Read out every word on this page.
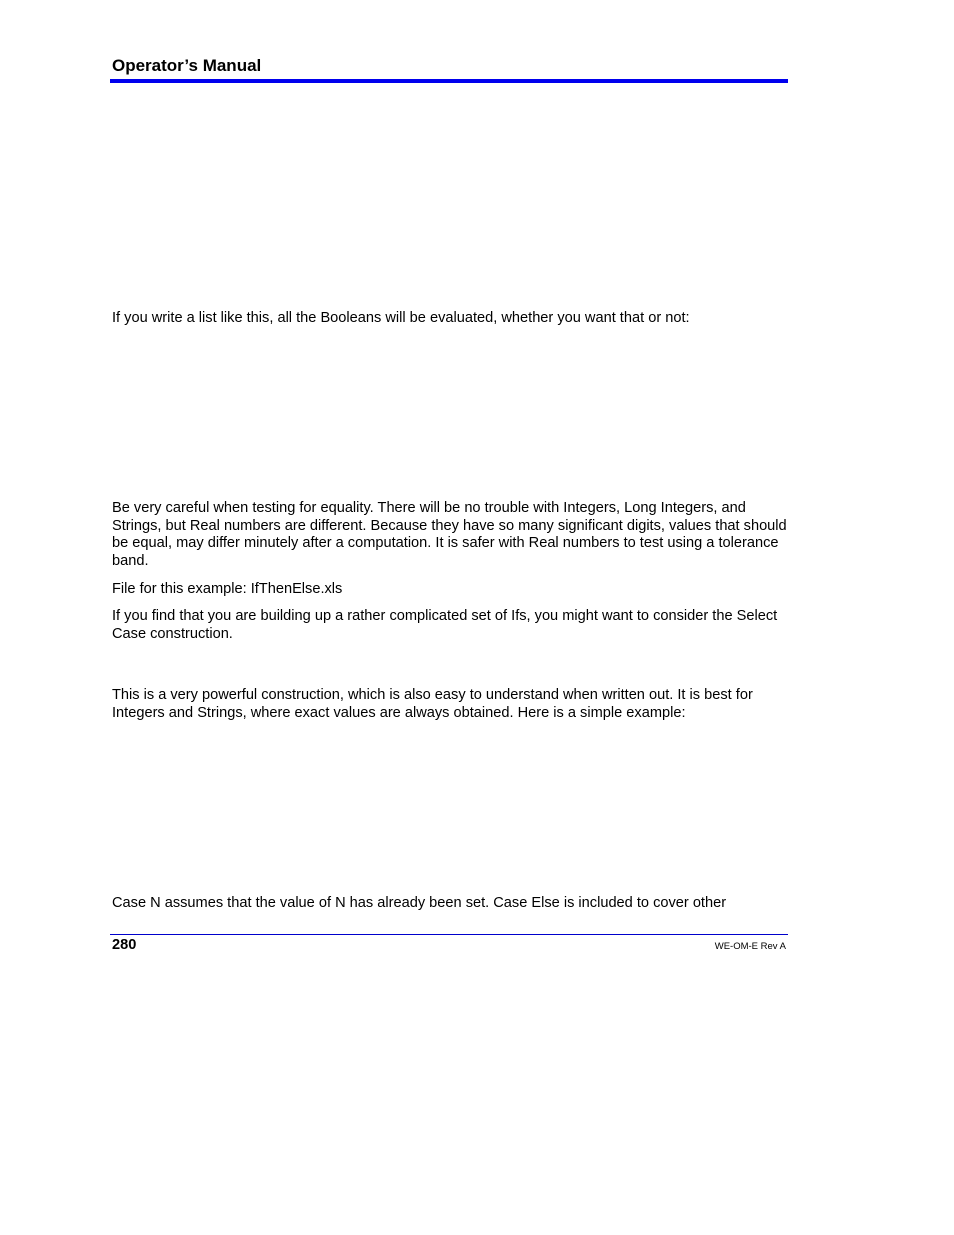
Operator’s Manual

If you write a list like this, all the Booleans will be evaluated, whether you want that or not:

Be very careful when testing for equality. There will be no trouble with Integers, Long Integers, and Strings, but Real numbers are different. Because they have so many significant digits, values that should be equal, may differ minutely after a computation. It is safer with Real numbers to test using a tolerance band.

File for this example: IfThenElse.xls

If you find that you are building up a rather complicated set of Ifs, you might want to consider the Select Case construction.

This is a very powerful construction, which is also easy to understand when written out. It is best for Integers and Strings, where exact values are always obtained. Here is a simple example:

Case N assumes that the value of N has already been set. Case Else is included to cover other

280	WE-OM-E Rev A
